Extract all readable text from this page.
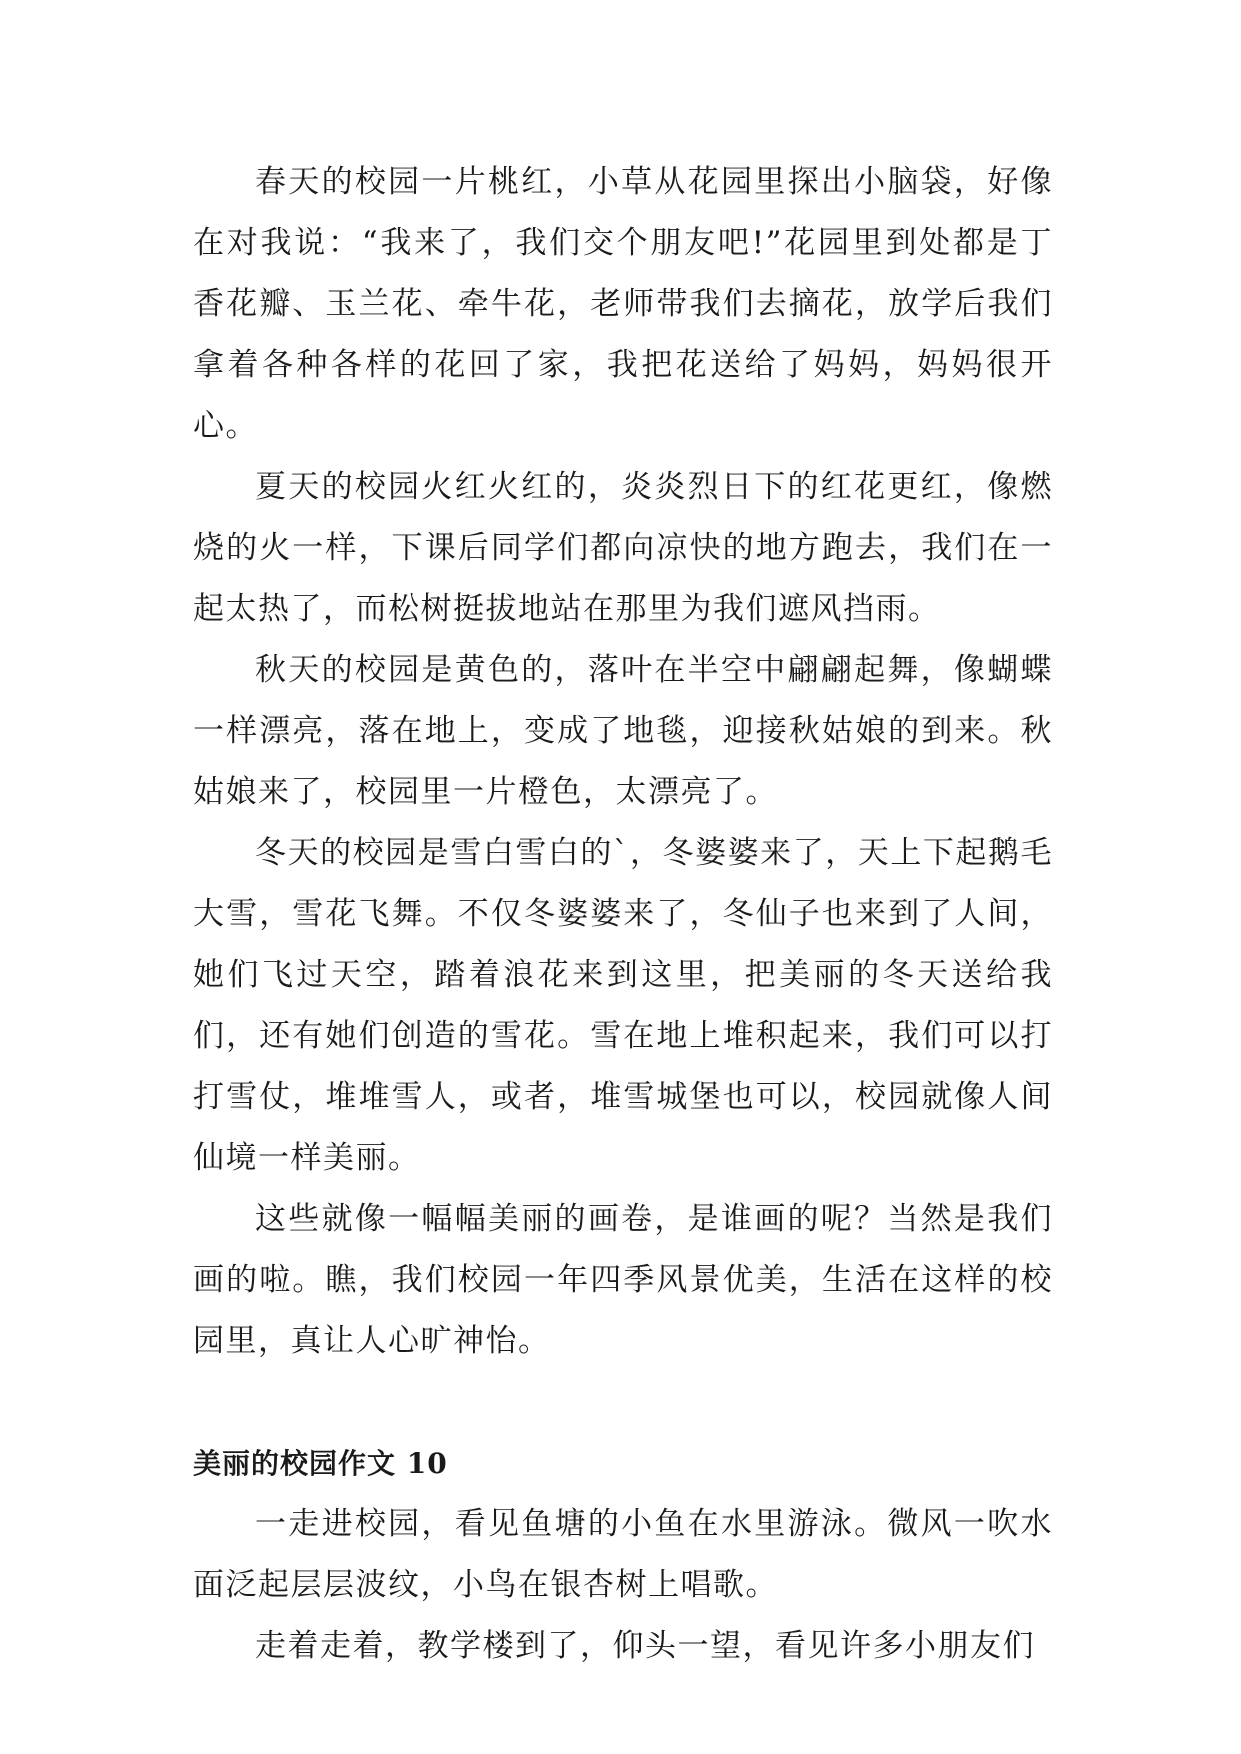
春天的校园一片桃红，小草从花园里探出小脑袋，好像在对我说：“我来了，我们交个朋友吧!”花园里到处都是丁香花瓣、玉兰花、牵牛花，老师带我们去摘花，放学后我们拿着各种各样的花回了家，我把花送给了妈妈，妈妈很开心。

夏天的校园火红火红的，炎炎烈日下的红花更红，像燃烧的火一样，下课后同学们都向凉快的地方跑去，我们在一起太热了，而松树挺拔地站在那里为我们遮风挡雨。

秋天的校园是黄色的，落叶在半空中翩翩起舞，像蝴蝶一样漂亮，落在地上，变成了地毯，迎接秋姑娘的到来。秋姑娘来了，校园里一片橙色，太漂亮了。

冬天的校园是雪白雪白的`，冬婆婆来了，天上下起鹅毛大雪，雪花飞舞。不仅冬婆婆来了，冬仙子也来到了人间，她们飞过天空，踏着浪花来到这里，把美丽的冬天送给我们，还有她们创造的雪花。雪在地上堆积起来，我们可以打打雪仗，堆堆雪人，或者，堆雪城堡也可以，校园就像人间仙境一样美丽。

这些就像一幅幅美丽的画卷，是谁画的呢？当然是我们画的啦。瞧，我们校园一年四季风景优美，生活在这样的校园里，真让人心旷神怡。

美丽的校园作文 10

一走进校园，看见鱼塘的小鱼在水里游泳。微风一吹水面泛起层层波纹，小鸟在银杏树上唱歌。

走着走着，教学楼到了，仰头一望，看见许多小朋友们
